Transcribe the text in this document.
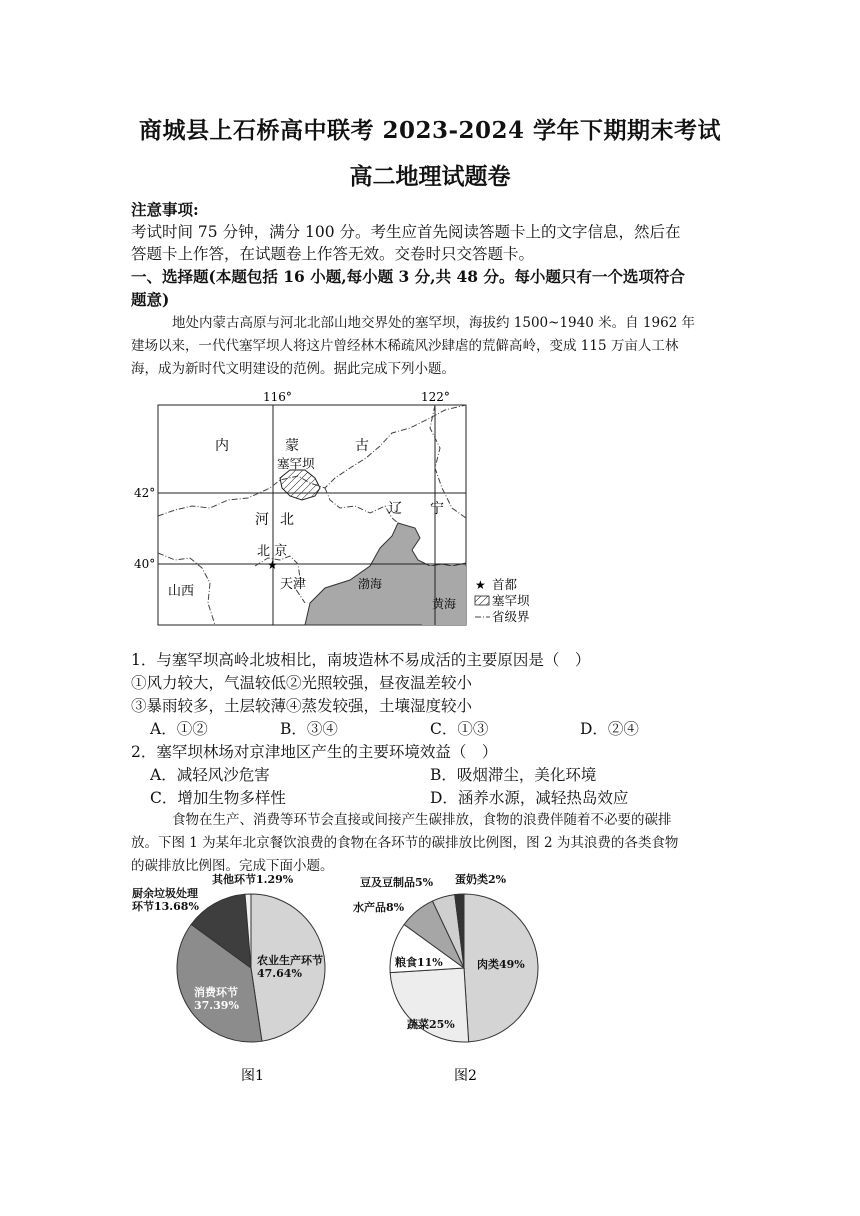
商城县上石桥高中联考 2023-2024 学年下期期末考试
高二地理试题卷
注意事项:
考试时间 75 分钟，满分 100 分。考生应首先阅读答题卡上的文字信息，然后在
答题卡上作答，在试题卷上作答无效。交卷时只交答题卡。
一、选择题(本题包括 16 小题,每小题 3 分,共 48 分。每小题只有一个选项符合
题意)
地处内蒙古高原与河北北部山地交界处的塞罕坝，海拔约 1500~1940 米。自 1962 年
建场以来，一代代塞罕坝人将这片曾经林木稀疏风沙肆虐的荒僻高岭，变成 115 万亩人工林
海，成为新时代文明建设的范例。据此完成下列小题。
★
116°	122°
42°
40°
内	蒙	古
塞罕坝
河 北
北 京
天津
山西	渤海
黄海
辽 宁
★ 首都
塞罕坝
省级界
1．与塞罕坝高岭北坡相比，南坡造林不易成活的主要原因是（　）
①风力较大，气温较低②光照较强，昼夜温差较小
③暴雨较多，土层较薄④蒸发较强，土壤湿度较小
A．①②	B．③④	C．①③	D．②④
2．塞罕坝林场对京津地区产生的主要环境效益（　）
A．减轻风沙危害	B．吸烟滞尘，美化环境
C．增加生物多样性	D．涵养水源，减轻热岛效应
食物在生产、消费等环节会直接或间接产生碳排放，食物的浪费伴随着不必要的碳排
放。下图 1 为某年北京餐饮浪费的食物在各环节的碳排放比例图，图 2 为其浪费的各类食物
的碳排放比例图。完成下面小题。
农业生产环节
47.64%
消费环节
37.39%
厨余垃圾处理
环节13.68%
其他环节1.29%
图1
肉类49%
蔬菜25%
粮食11%
水产品8%
豆及豆制品5% 蛋奶类2%
图2
